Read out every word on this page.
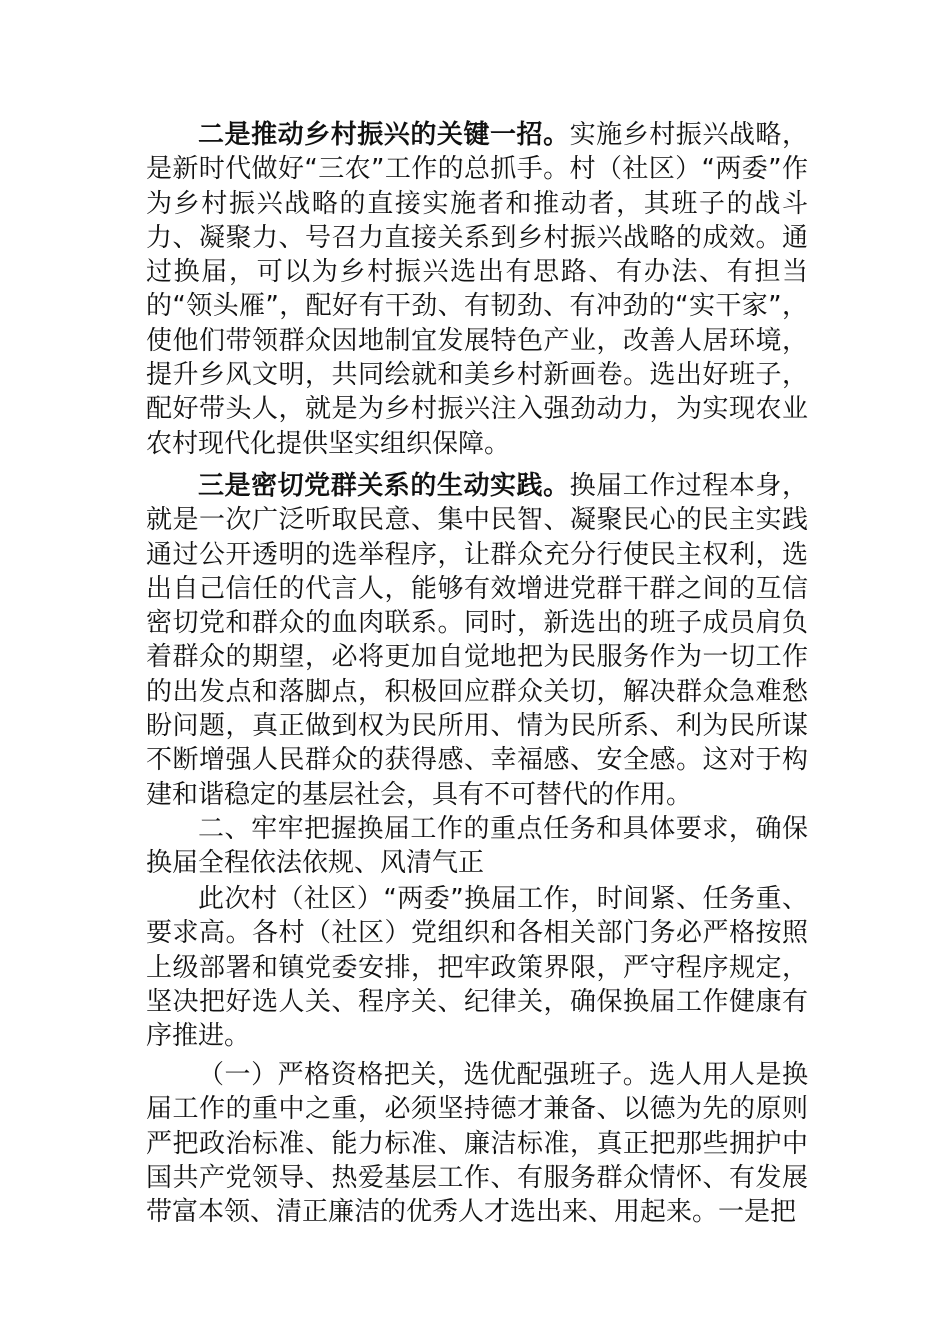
二是推动乡村振兴的关键一招。实施乡村振兴战略，是新时代做好“三农”工作的总抓手。村（社区）“两委”作为乡村振兴战略的直接实施者和推动者，其班子的战斗力、凝聚力、号召力直接关系到乡村振兴战略的成效。通过换届，可以为乡村振兴选出有思路、有办法、有担当的“领头雁”，配好有干劲、有韧劲、有冲劲的“实干家”，使他们带领群众因地制宜发展特色产业，改善人居环境，提升乡风文明，共同绘就和美乡村新画卷。选出好班子，配好带头人，就是为乡村振兴注入强劲动力，为实现农业农村现代化提供坚实组织保障。

三是密切党群关系的生动实践。换届工作过程本身，就是一次广泛听取民意、集中民智、凝聚民心的民主实践通过公开透明的选举程序，让群众充分行使民主权利，选出自己信任的代言人，能够有效增进党群干群之间的互信密切党和群众的血肉联系。同时，新选出的班子成员肩负着群众的期望，必将更加自觉地把为民服务作为一切工作的出发点和落脚点，积极回应群众关切，解决群众急难愁盼问题，真正做到权为民所用、情为民所系、利为民所谋不断增强人民群众的获得感、幸福感、安全感。这对于构建和谐稳定的基层社会，具有不可替代的作用。

二、牢牢把握换届工作的重点任务和具体要求，确保换届全程依法依规、风清气正

此次村（社区）“两委”换届工作，时间紧、任务重、要求高。各村（社区）党组织和各相关部门务必严格按照上级部署和镇党委安排，把牢政策界限，严守程序规定，坚决把好选人关、程序关、纪律关，确保换届工作健康有序推进。

（一）严格资格把关，选优配强班子。选人用人是换届工作的重中之重，必须坚持德才兼备、以德为先的原则严把政治标准、能力标准、廉洁标准，真正把那些拥护中国共产党领导、热爱基层工作、有服务群众情怀、有发展带富本领、清正廉洁的优秀人才选出来、用起来。一是把
